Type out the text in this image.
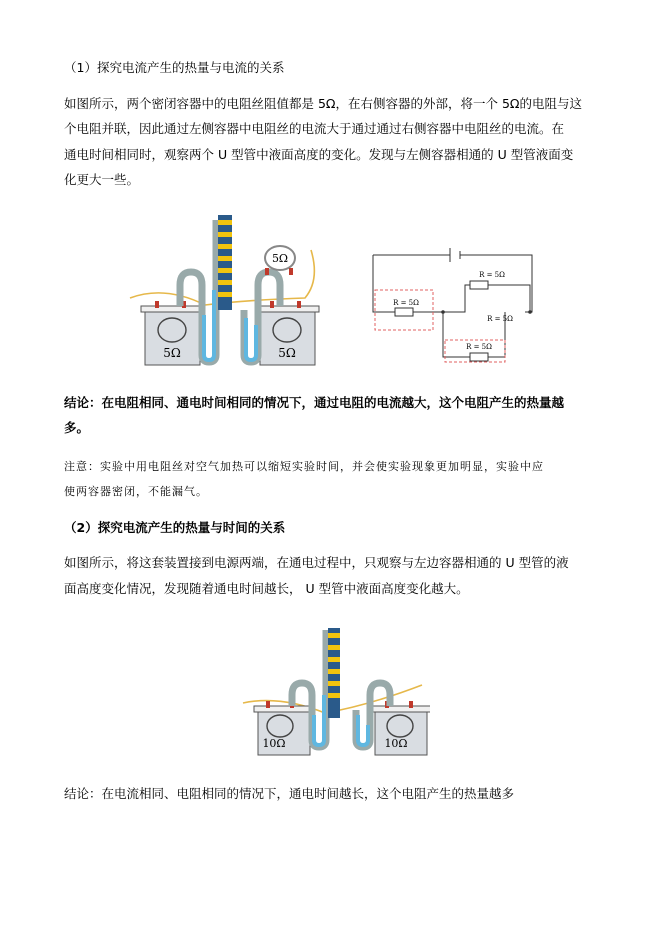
（1）探究电流产生的热量与电流的关系
如图所示，两个密闭容器中的电阻丝阻值都是 5Ω，在右侧容器的外部，将一个 5Ω的电阻与这
个电阻并联，因此通过左侧容器中电阻丝的电流大于通过通过右侧容器中电阻丝的电流。在
通电时间相同时，观察两个 U 型管中液面高度的变化。发现与左侧容器相通的 U 型管液面变
化更大一些。
5Ω	5Ω
5Ω
R = 5Ω
R = 5Ω
R = 5Ω
R = 5Ω
结论：在电阻相同、通电时间相同的情况下，通过电阻的电流越大，这个电阻产生的热量越
多。
注意：实验中用电阻丝对空气加热可以缩短实验时间，并会使实验现象更加明显，实验中应
使两容器密闭，不能漏气。
（2）探究电流产生的热量与时间的关系
如图所示，将这套装置接到电源两端，在通电过程中，只观察与左边容器相通的 U 型管的液
面高度变化情况，发现随着通电时间越长， U 型管中液面高度变化越大。
10Ω	10Ω
结论：在电流相同、电阻相同的情况下，通电时间越长，这个电阻产生的热量越多
